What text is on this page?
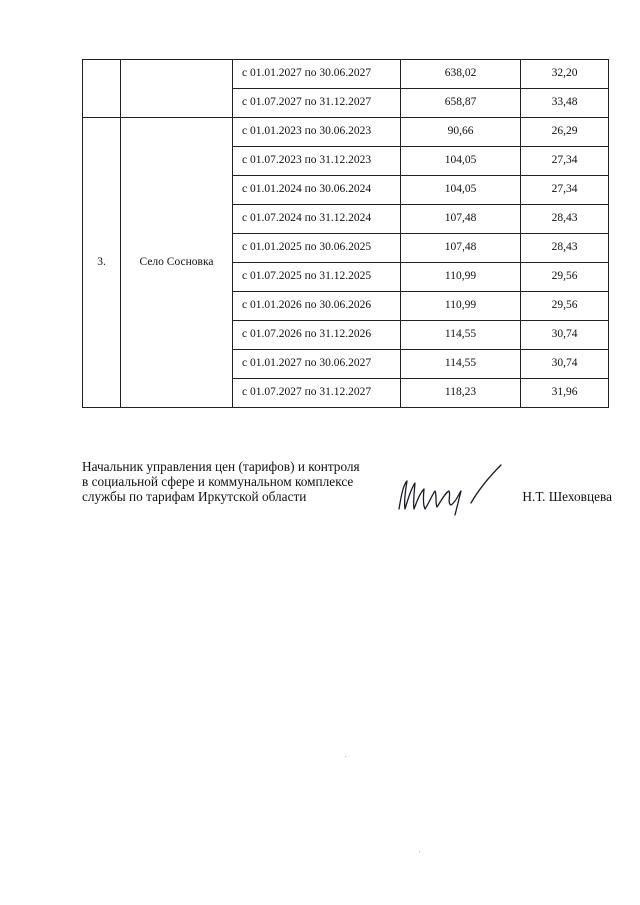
		с 01.01.2027 по 30.06.2027	638,02	32,20
		с 01.07.2027 по 31.12.2027	658,87	33,48
3.	Село Сосновка	с 01.01.2023 по 30.06.2023	90,66	26,29
		с 01.07.2023 по 31.12.2023	104,05	27,34
		с 01.01.2024 по 30.06.2024	104,05	27,34
		с 01.07.2024 по 31.12.2024	107,48	28,43
		с 01.01.2025 по 30.06.2025	107,48	28,43
		с 01.07.2025 по 31.12.2025	110,99	29,56
		с 01.01.2026 по 30.06.2026	110,99	29,56
		с 01.07.2026 по 31.12.2026	114,55	30,74
		с 01.01.2027 по 30.06.2027	114,55	30,74
		с 01.07.2027 по 31.12.2027	118,23	31,96
Начальник управления цен (тарифов) и контроля
в социальной сфере и коммунальном комплексе
службы по тарифам Иркутской области	Н.Т. Шеховцева
